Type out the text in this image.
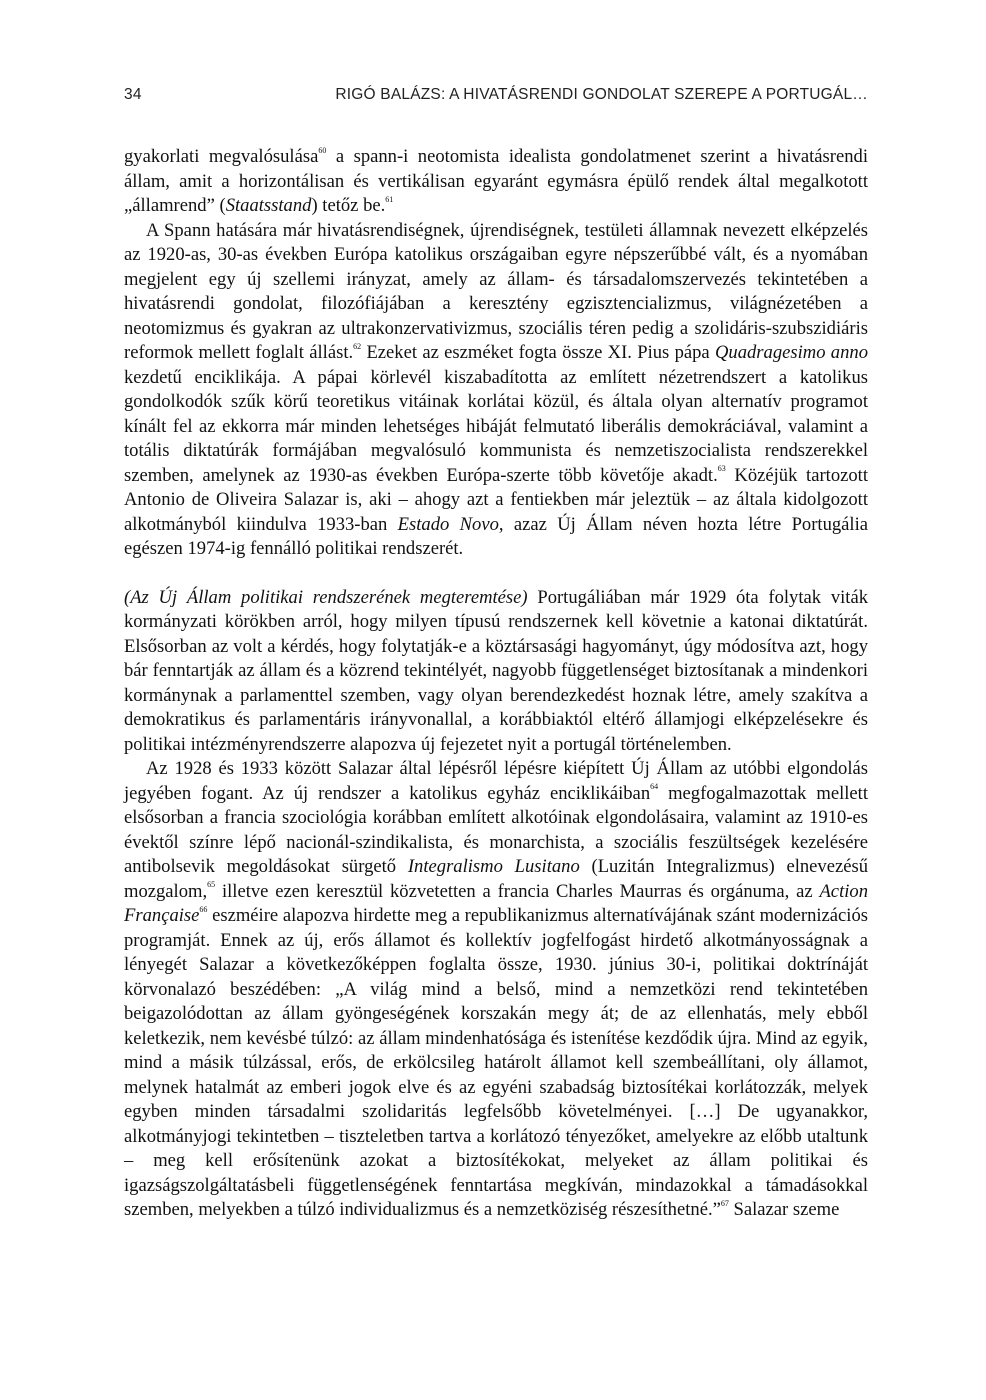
34	RIGÓ BALÁZS: A HIVATÁSRENDI GONDOLAT SZEREPE A PORTUGÁL…

gyakorlati megvalósulása$^{60}$ a spann-i neotomista idealista gondolatmenet szerint a hivatásrendi állam, amit a horizontálisan és vertikálisan egyaránt egymásra épülő rendek által megalkotott „államrend” (Staatsstand) tetőz be.$^{61}$

A Spann hatására már hivatásrendiségnek, újrendiségnek, testületi államnak nevezett elképzelés az 1920-as, 30-as években Európa katolikus országaiban egyre népszerűbbé vált, és a nyomában megjelent egy új szellemi irányzat, amely az állam- és társadalomszervezés tekintetében a hivatásrendi gondolat, filozófiájában a keresztény egzisztencializmus, világnézetében a neotomizmus és gyakran az ultrakonzervativizmus, szociális téren pedig a szolidáris-szubszidiáris reformok mellett foglalt állást.$^{62}$ Ezeket az eszméket fogta össze XI. Pius pápa Quadragesimo anno kezdetű enciklikája. A pápai körlevél kiszabadította az említett nézetrendszert a katolikus gondolkodók szűk körű teoretikus vitáinak korlátai közül, és általa olyan alternatív programot kínált fel az ekkorra már minden lehetséges hibáját felmutató liberális demokráciával, valamint a totális diktatúrák formájában megvalósuló kommunista és nemzetiszocialista rendszerekkel szemben, amelynek az 1930-as években Európa-szerte több követője akadt.$^{63}$ Közéjük tartozott Antonio de Oliveira Salazar is, aki – ahogy azt a fentiekben már jeleztük – az általa kidolgozott alkotmányból kiindulva 1933-ban Estado Novo, azaz Új Állam néven hozta létre Portugália egészen 1974-ig fennálló politikai rendszerét.

(Az Új Állam politikai rendszerének megteremtése) Portugáliában már 1929 óta folytak viták kormányzati körökben arról, hogy milyen típusú rendszernek kell követnie a katonai diktatúrát. Elsősorban az volt a kérdés, hogy folytatják-e a köztársasági hagyományt, úgy módosítva azt, hogy bár fenntartják az állam és a közrend tekintélyét, nagyobb függetlenséget biztosítanak a mindenkori kormánynak a parlamenttel szemben, vagy olyan berendezkedést hoznak létre, amely szakítva a demokratikus és parlamentáris irányvonallal, a korábbiaktól eltérő államjogi elképzelésekre és politikai intézményrendszerre alapozva új fejezetet nyit a portugál történelemben.

Az 1928 és 1933 között Salazar által lépésről lépésre kiépített Új Állam az utóbbi elgondolás jegyében fogant. Az új rendszer a katolikus egyház enciklikáiban$^{64}$ megfogalmazottak mellett elsősorban a francia szociológia korábban említett alkotóinak elgondolásaira, valamint az 1910-es évektől színre lépő nacionál-szindikalista, és monarchista, a szociális feszültségek kezelésére antibolsevik megoldásokat sürgető Integralismo Lusitano (Luzitán Integralizmus) elnevezésű mozgalom,$^{65}$ illetve ezen keresztül közvetetten a francia Charles Maurras és orgánuma, az Action Française$^{66}$ eszméire alapozva hirdette meg a republikanizmus alternatívájának szánt modernizációs programját. Ennek az új, erős államot és kollektív jogfelfogást hirdető alkotmányosságnak a lényegét Salazar a következőképpen foglalta össze, 1930. június 30-i, politikai doktrínáját körvonalazó beszédében: „A világ mind a belső, mind a nemzetközi rend tekintetében beigazolódottan az állam gyöngeségének korszakán megy át; de az ellenhatás, mely ebből keletkezik, nem kevésbé túlzó: az állam mindenhatósága és istenítése kezdődik újra. Mind az egyik, mind a másik túlzással, erős, de erkölcsileg határolt államot kell szembeállítani, oly államot, melynek hatalmát az emberi jogok elve és az egyéni szabadság biztosítékai korlátozzák, melyek egyben minden társadalmi szolidaritás legfelsőbb követelményei. […] De ugyanakkor, alkotmányjogi tekintetben – tiszteletben tartva a korlátozó tényezőket, amelyekre az előbb utaltunk – meg kell erősítenünk azokat a biztosítékokat, melyeket az állam politikai és igazságszolgáltatásbeli függetlenségének fenntartása megkíván, mindazokkal a támadásokkal szemben, melyekben a túlzó individualizmus és a nemzetköziség részesíthetné.”$^{67}$ Salazar szeme
